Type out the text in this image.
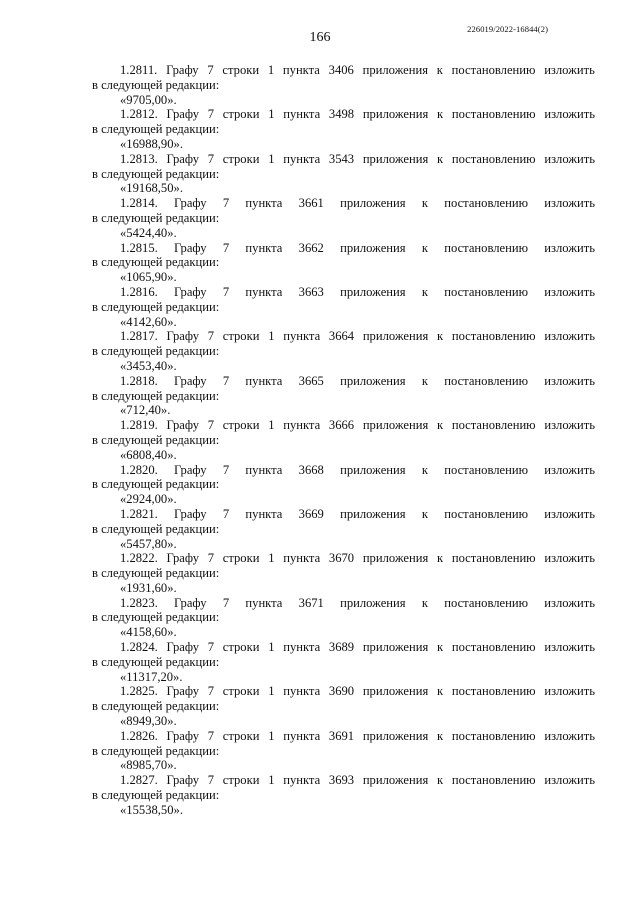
166
226019/2022-16844(2)
1.2811. Графу 7 строки 1 пункта 3406 приложения к постановлению изложить
в следующей редакции:
«9705,00».
1.2812. Графу 7 строки 1 пункта 3498 приложения к постановлению изложить
в следующей редакции:
«16988,90».
1.2813. Графу 7 строки 1 пункта 3543 приложения к постановлению изложить
в следующей редакции:
«19168,50».
1.2814. Графу 7 пункта 3661 приложения к постановлению изложить
в следующей редакции:
«5424,40».
1.2815. Графу 7 пункта 3662 приложения к постановлению изложить
в следующей редакции:
«1065,90».
1.2816. Графу 7 пункта 3663 приложения к постановлению изложить
в следующей редакции:
«4142,60».
1.2817. Графу 7 строки 1 пункта 3664 приложения к постановлению изложить
в следующей редакции:
«3453,40».
1.2818. Графу 7 пункта 3665 приложения к постановлению изложить
в следующей редакции:
«712,40».
1.2819. Графу 7 строки 1 пункта 3666 приложения к постановлению изложить
в следующей редакции:
«6808,40».
1.2820. Графу 7 пункта 3668 приложения к постановлению изложить
в следующей редакции:
«2924,00».
1.2821. Графу 7 пункта 3669 приложения к постановлению изложить
в следующей редакции:
«5457,80».
1.2822. Графу 7 строки 1 пункта 3670 приложения к постановлению изложить
в следующей редакции:
«1931,60».
1.2823. Графу 7 пункта 3671 приложения к постановлению изложить
в следующей редакции:
«4158,60».
1.2824. Графу 7 строки 1 пункта 3689 приложения к постановлению изложить
в следующей редакции:
«11317,20».
1.2825. Графу 7 строки 1 пункта 3690 приложения к постановлению изложить
в следующей редакции:
«8949,30».
1.2826. Графу 7 строки 1 пункта 3691 приложения к постановлению изложить
в следующей редакции:
«8985,70».
1.2827. Графу 7 строки 1 пункта 3693 приложения к постановлению изложить
в следующей редакции:
«15538,50».
